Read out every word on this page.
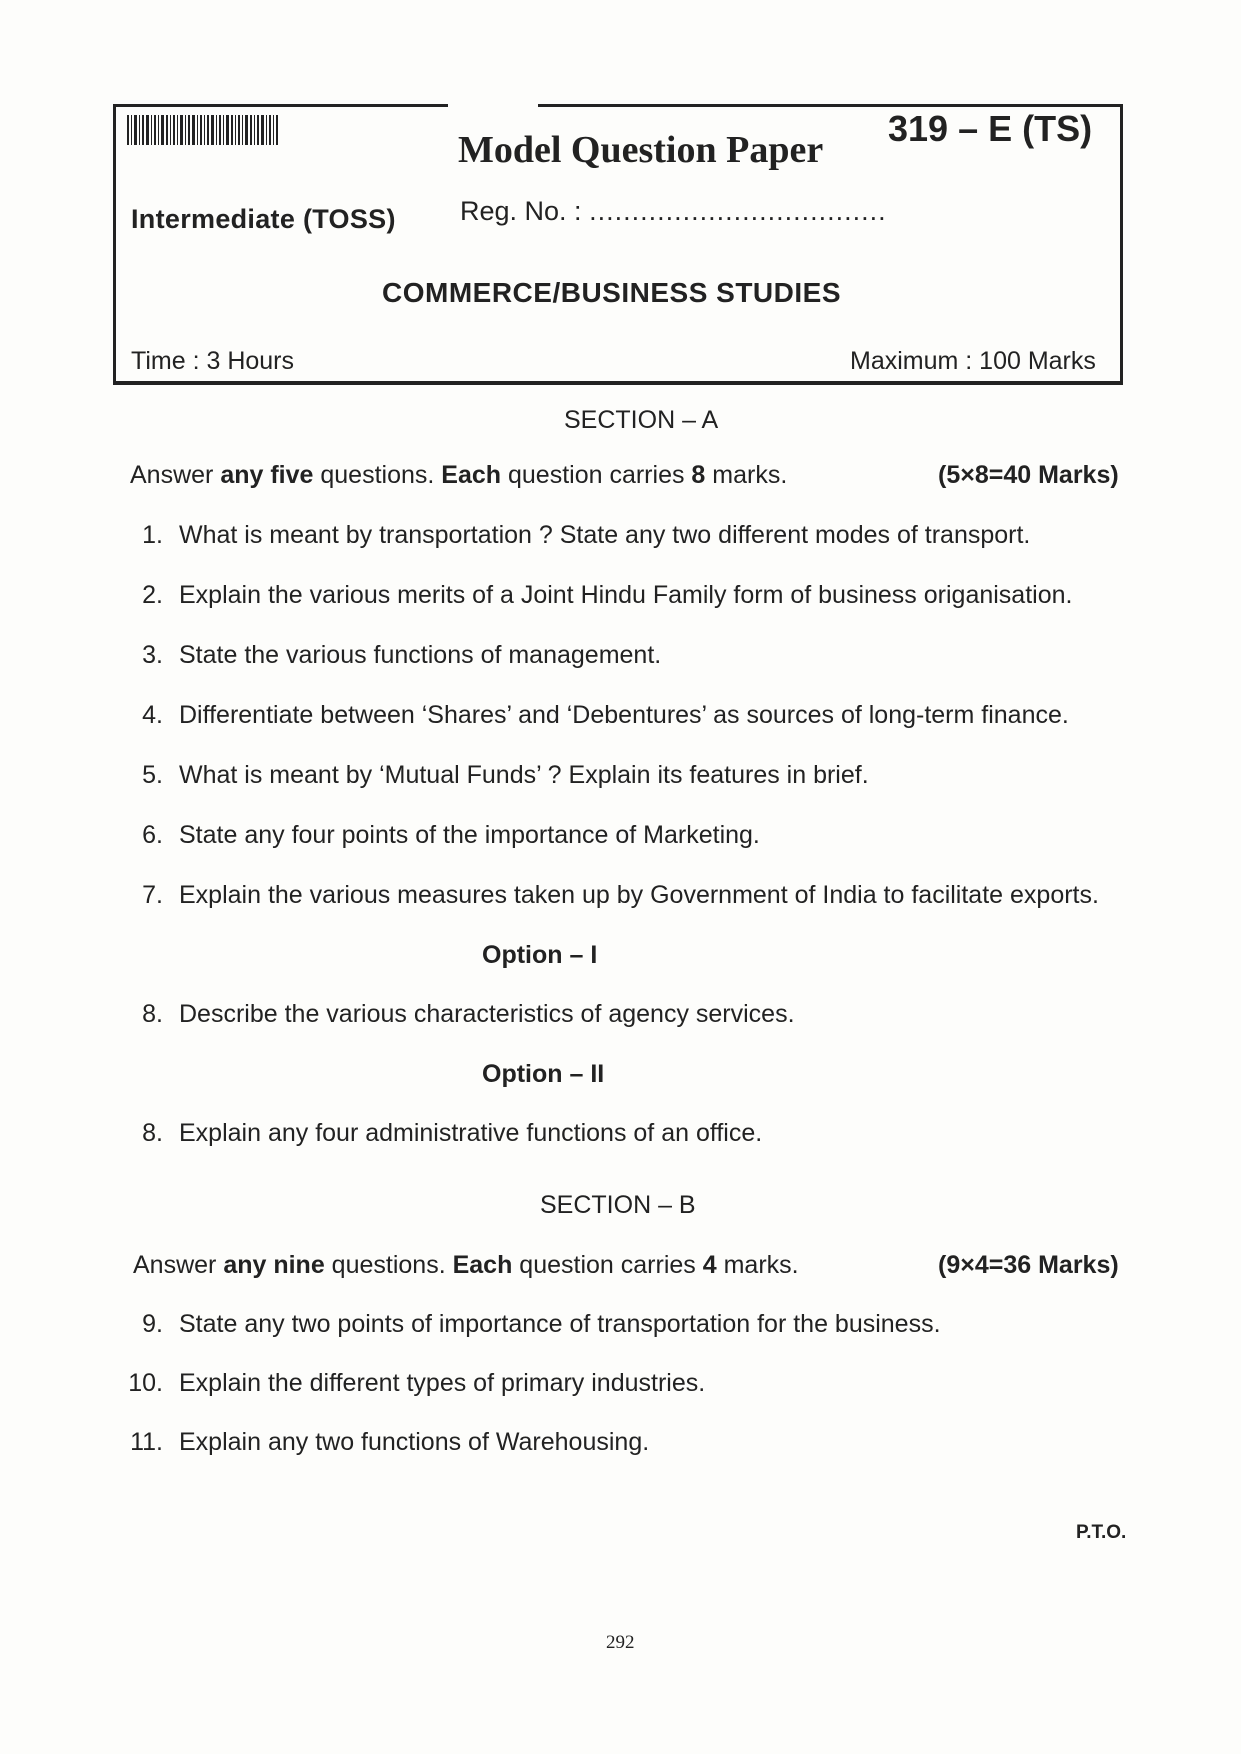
Model Question Paper
319 – E (TS)
Intermediate (TOSS) Reg. No. : ...................................
COMMERCE/BUSINESS STUDIES
Time : 3 Hours	Maximum : 100 Marks
SECTION – A
Answer any five questions. Each question carries 8 marks.	(5×8=40 Marks)
1. What is meant by transportation ? State any two different modes of transport.
2. Explain the various merits of a Joint Hindu Family form of business origanisation.
3. State the various functions of management.
4. Differentiate between ‘Shares’ and ‘Debentures’ as sources of long-term finance.
5. What is meant by ‘Mutual Funds’ ? Explain its features in brief.
6. State any four points of the importance of Marketing.
7. Explain the various measures taken up by Government of India to facilitate exports.
Option – I
8. Describe the various characteristics of agency services.
Option – II
8. Explain any four administrative functions of an office.
SECTION – B
Answer any nine questions. Each question carries 4 marks.	(9×4=36 Marks)
9. State any two points of importance of transportation for the business.
10. Explain the different types of primary industries.
11. Explain any two functions of Warehousing.
P.T.O.
292
